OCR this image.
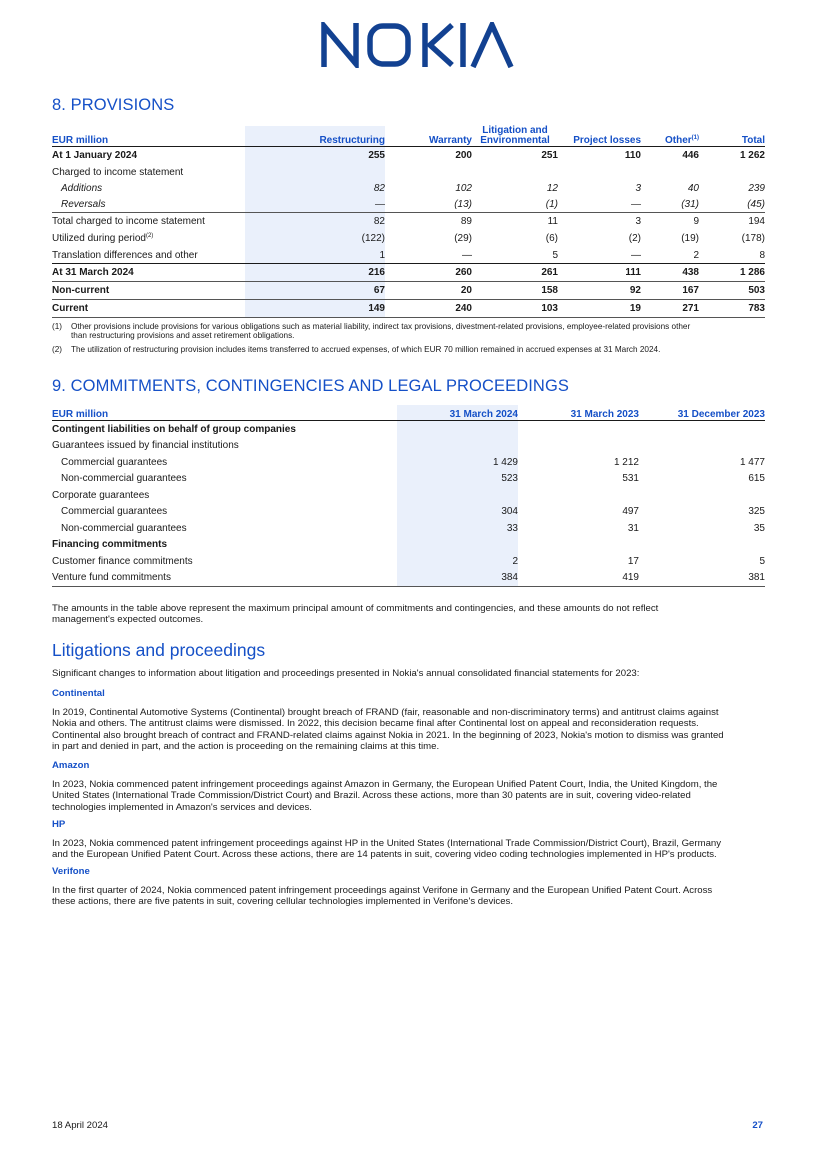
8. PROVISIONS
EUR million	Restructuring	Warranty	Litigation and
Environmental	Project losses	Other$^{(1)}$	Total
At 1 January 2024	255	200	251	110	446	1 262
Charged to income statement						
Additions	82	102	12	3	40	239
Reversals	—	(13)	(1)	—	(31)	(45)
Total charged to income statement	82	89	11	3	9	194
Utilized during period$^{(2)}$	(122)	(29)	(6)	(2)	(19)	(178)
Translation differences and other	1	—	5	—	2	8
At 31 March 2024	216	260	261	111	438	1 286
Non-current	67	20	158	92	167	503
Current	149	240	103	19	271	783
(1) Other provisions include provisions for various obligations such as material liability, indirect tax provisions, divestment-related provisions, employee-related provisions other
than restructuring provisions and asset retirement obligations.
(2) The utilization of restructuring provision includes items transferred to accrued expenses, of which EUR 70 million remained in accrued expenses at 31 March 2024.
9. COMMITMENTS, CONTINGENCIES AND LEGAL PROCEEDINGS
EUR million	31 March 2024	31 March 2023	31 December 2023
Contingent liabilities on behalf of group companies			
Guarantees issued by financial institutions			
Commercial guarantees	1 429	1 212	1 477
Non-commercial guarantees	523	531	615
Corporate guarantees			
Commercial guarantees	304	497	325
Non-commercial guarantees	33	31	35
Financing commitments			
Customer finance commitments	2	17	5
Venture fund commitments	384	419	381
The amounts in the table above represent the maximum principal amount of commitments and contingencies, and these amounts do not reflect
management's expected outcomes.
Litigations and proceedings
Significant changes to information about litigation and proceedings presented in Nokia's annual consolidated financial statements for 2023:
Continental
In 2019, Continental Automotive Systems (Continental) brought breach of FRAND (fair, reasonable and non-discriminatory terms) and antitrust claims against
Nokia and others. The antitrust claims were dismissed. In 2022, this decision became final after Continental lost on appeal and reconsideration requests.
Continental also brought breach of contract and FRAND-related claims against Nokia in 2021. In the beginning of 2023, Nokia's motion to dismiss was granted
in part and denied in part, and the action is proceeding on the remaining claims at this time.
Amazon
In 2023, Nokia commenced patent infringement proceedings against Amazon in Germany, the European Unified Patent Court, India, the United Kingdom, the
United States (International Trade Commission/District Court) and Brazil. Across these actions, more than 30 patents are in suit, covering video-related
technologies implemented in Amazon's services and devices.
HP
In 2023, Nokia commenced patent infringement proceedings against HP in the United States (International Trade Commission/District Court), Brazil, Germany
and the European Unified Patent Court. Across these actions, there are 14 patents in suit, covering video coding technologies implemented in HP's products.
Verifone
In the first quarter of 2024, Nokia commenced patent infringement proceedings against Verifone in Germany and the European Unified Patent Court. Across
these actions, there are five patents in suit, covering cellular technologies implemented in Verifone's devices.
18 April 2024	27
